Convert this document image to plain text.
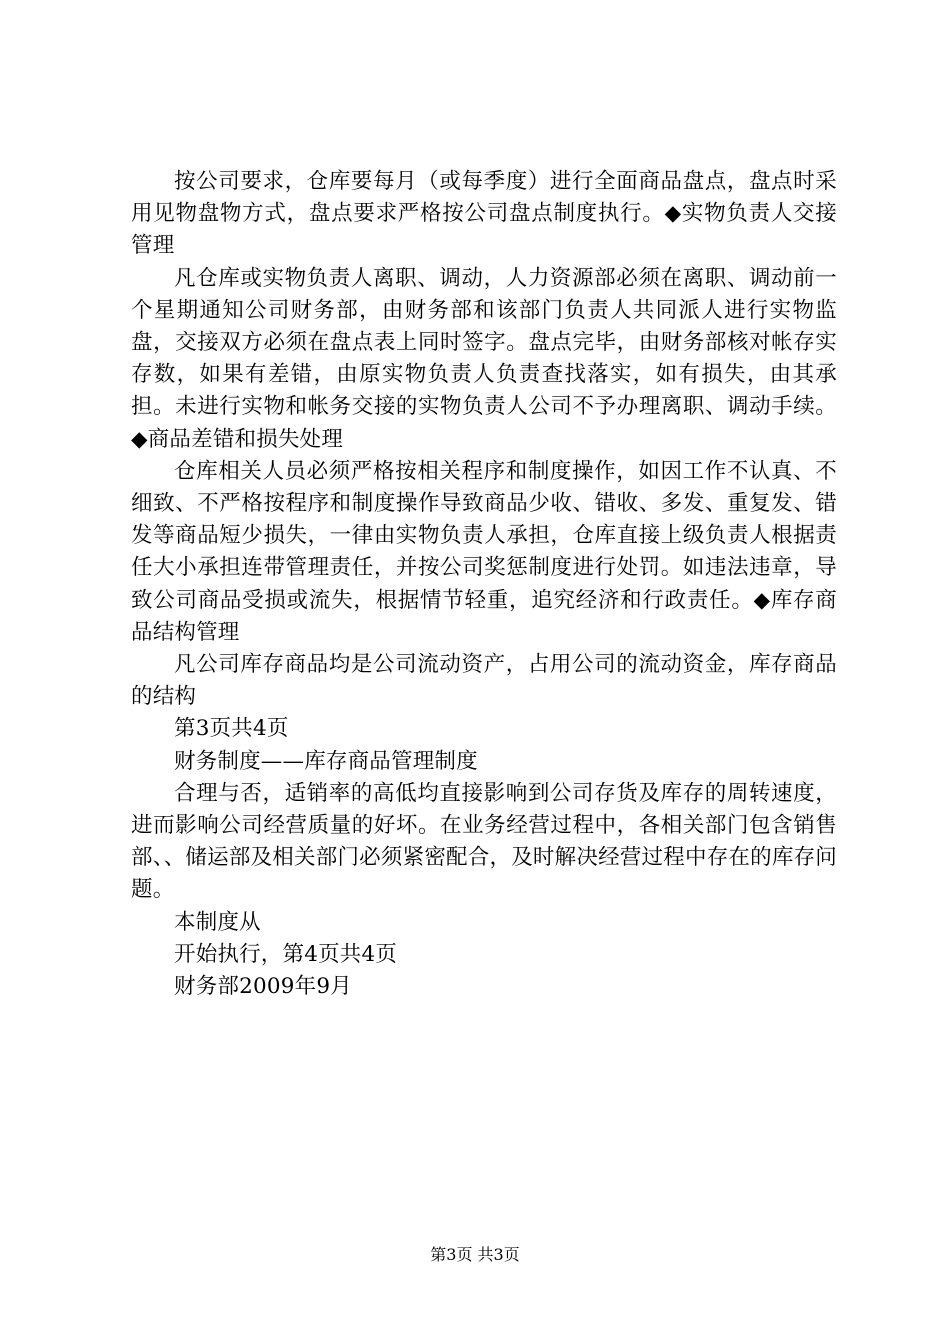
按公司要求，仓库要每月（或每季度）进行全面商品盘点，盘点时采用见物盘物方式，盘点要求严格按公司盘点制度执行。◆实物负责人交接管理

凡仓库或实物负责人离职、调动，人力资源部必须在离职、调动前一个星期通知公司财务部，由财务部和该部门负责人共同派人进行实物监盘，交接双方必须在盘点表上同时签字。盘点完毕，由财务部核对帐存实存数，如果有差错，由原实物负责人负责查找落实，如有损失，由其承担。未进行实物和帐务交接的实物负责人公司不予办理离职、调动手续。◆商品差错和损失处理

仓库相关人员必须严格按相关程序和制度操作，如因工作不认真、不细致、不严格按程序和制度操作导致商品少收、错收、多发、重复发、错发等商品短少损失，一律由实物负责人承担，仓库直接上级负责人根据责任大小承担连带管理责任，并按公司奖惩制度进行处罚。如违法违章，导致公司商品受损或流失，根据情节轻重，追究经济和行政责任。◆库存商品结构管理

凡公司库存商品均是公司流动资产，占用公司的流动资金，库存商品的结构

第3页共4页

财务制度——库存商品管理制度

合理与否，适销率的高低均直接影响到公司存货及库存的周转速度，进而影响公司经营质量的好坏。在业务经营过程中，各相关部门包含销售部、、储运部及相关部门必须紧密配合，及时解决经营过程中存在的库存问题。

本制度从

开始执行，第4页共4页

财务部2009年9月

第3页 共3页
